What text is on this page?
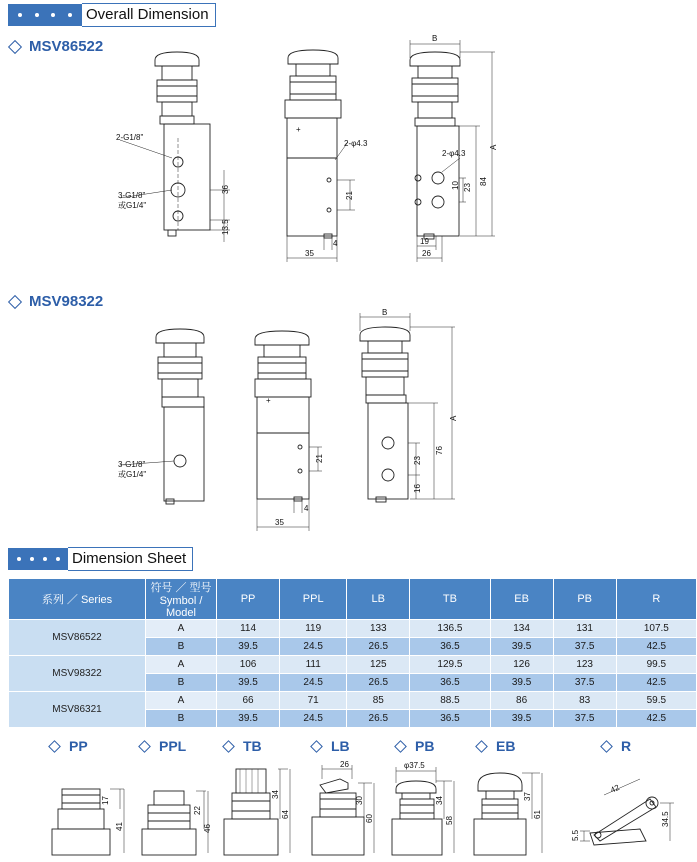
Overall Dimension
MSV86522
2-G1/8"
3-G1/8"
或G1/4"
36
13.5
+
2-φ4.3
21
4
35
B
A
84
23
10
2-φ4.3
19
26
MSV98322
3-G1/8"
或G1/4"
+
21
4
35
B
A
76
23
16
Dimension Sheet
系列 ／ Series	符号 ／ 型号
Symbol / Model	PP	PPL	LB	TB	EB	PB	R
MSV86522	A	114	119	133	136.5	134	131	107.5
	B	39.5	24.5	26.5	36.5	39.5	37.5	42.5
MSV98322	A	106	111	125	129.5	126	123	99.5
	B	39.5	24.5	26.5	36.5	39.5	37.5	42.5
MSV86321	A	66	71	85	88.5	86	83	59.5
	B	39.5	24.5	26.5	36.5	39.5	37.5	42.5
PP	PPL	TB	LB	PB	EB	R
17
41
22
46
34
64
26
30
60
φ37.5
34
58
37
61
42
34.5
5.5
